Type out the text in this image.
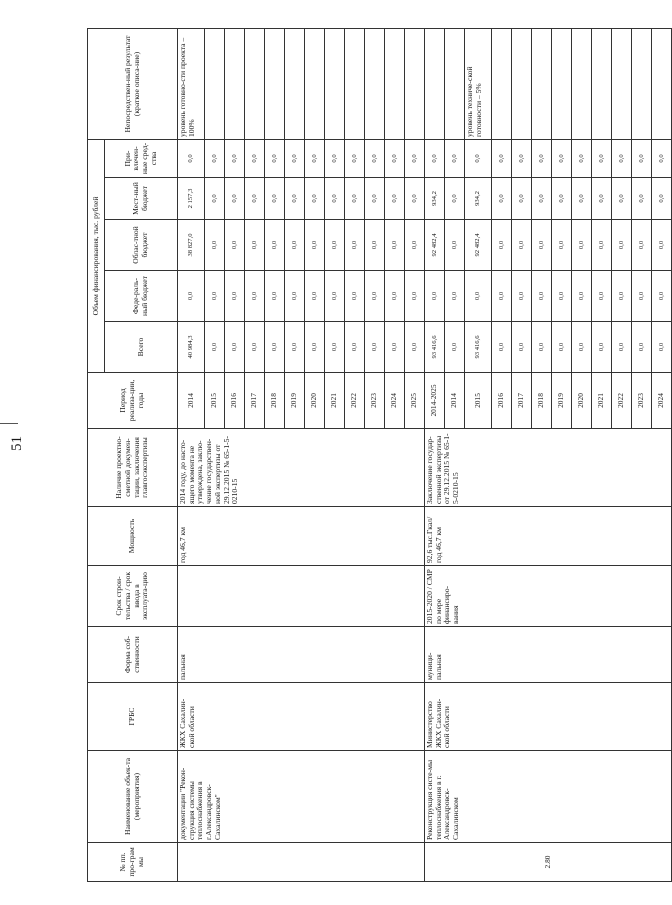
51
№ пп. про-грам мы	Наименование объек-та (мероприятия)	ГРБС	Форма соб-ственности	Срок строи-тельства / срок ввода в эксплуата-цию	Мощность	Наличие проектно-сметной докумен-тации, заключения главгосэкспертизы	Период реализа-ции, годы	Объем финансирования, тыс. рублей					Непосредствен-ный результат (краткое описа-ние)
								Всего	Феде-раль-ный бюджет	Облас-тной бюджет	Мест-ный бюджет	При-влечен-ные сред-ства	
	документации "Рекон-струкция системы теплоснабжения в г.Александровск-Сахалинском"	ЖКХ Сахалин-ской области	пальная		год 46,7 км	2014 году, до насто-ящего момента не утверждена, заклю-чение государствен-ной экспертизы от 29.12.2015 № 65-1-5-0210-15	2014	40 984,3	0,0	38 827,0	2 157,3	0,0	уровень готовно-сти проекта – 100%
							2015	0,0	0,0	0,0	0,0	0,0	
							2016	0,0	0,0	0,0	0,0	0,0	
							2017	0,0	0,0	0,0	0,0	0,0	
							2018	0,0	0,0	0,0	0,0	0,0	
							2019	0,0	0,0	0,0	0,0	0,0	
							2020	0,0	0,0	0,0	0,0	0,0	
							2021	0,0	0,0	0,0	0,0	0,0	
							2022	0,0	0,0	0,0	0,0	0,0	
							2023	0,0	0,0	0,0	0,0	0,0	
							2024	0,0	0,0	0,0	0,0	0,0	
							2025	0,0	0,0	0,0	0,0	0,0	
2.80	Реконструкция систе-мы теплоснабжения в г. Александровск-Сахалинском	Министерство ЖКХ Сахалин-ской области	муници-пальная	2015-2020 / СМР по мере финансиро-вания	92,6 тыс.Гкал/ год 46,7 км	Заключение государ-ственной экспертизы от 29.12.2015 № 65-1-5-0210-15	2014-2025	93 416,6	0,0	92 482,4	934,2	0,0	
							2014	0,0	0,0	0,0	0,0	0,0	
							2015	93 416,6	0,0	92 482,4	934,2	0,0	уровень техниче-ской готовности – 5%
							2016	0,0	0,0	0,0	0,0	0,0	
							2017	0,0	0,0	0,0	0,0	0,0	
							2018	0,0	0,0	0,0	0,0	0,0	
							2019	0,0	0,0	0,0	0,0	0,0	
							2020	0,0	0,0	0,0	0,0	0,0	
							2021	0,0	0,0	0,0	0,0	0,0	
							2022	0,0	0,0	0,0	0,0	0,0	
							2023	0,0	0,0	0,0	0,0	0,0	
							2024	0,0	0,0	0,0	0,0	0,0	
